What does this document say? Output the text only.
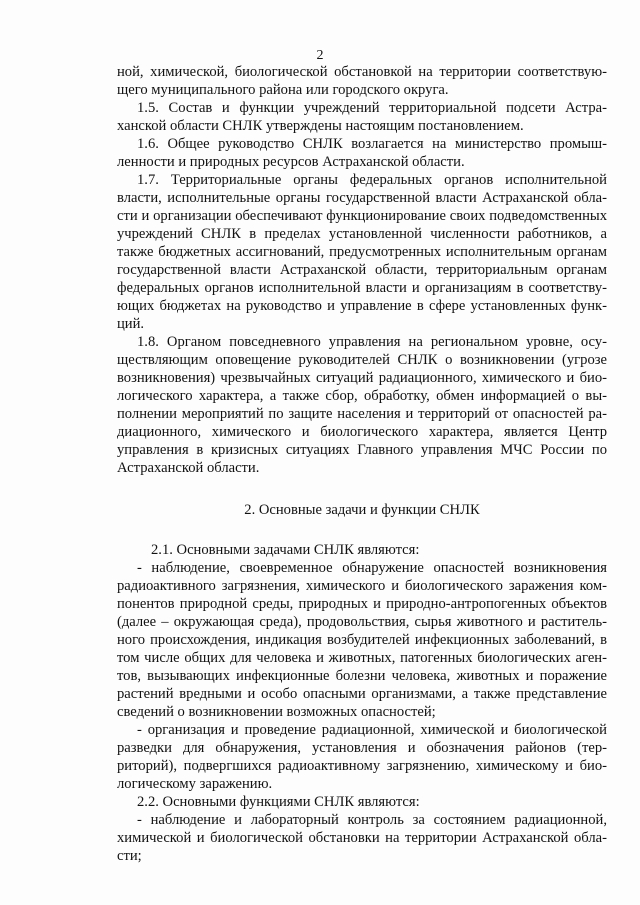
2

ной, химической, биологической обстановкой на территории соответствующего муниципального района или городского округа.

1.5. Состав и функции учреждений территориальной подсети Астраханской области СНЛК утверждены настоящим постановлением.

1.6. Общее руководство СНЛК возлагается на министерство промышленности и природных ресурсов Астраханской области.

1.7. Территориальные органы федеральных органов исполнительной власти, исполнительные органы государственной власти Астраханской области и организации обеспечивают функционирование своих подведомственных учреждений СНЛК в пределах установленной численности работников, а также бюджетных ассигнований, предусмотренных исполнительным органам государственной власти Астраханской области, территориальным органам федеральных органов исполнительной власти и организациям в соответствующих бюджетах на руководство и управление в сфере установленных функций.

1.8. Органом повседневного управления на региональном уровне, осуществляющим оповещение руководителей СНЛК о возникновении (угрозе возникновения) чрезвычайных ситуаций радиационного, химического и биологического характера, а также сбор, обработку, обмен информацией о выполнении мероприятий по защите населения и территорий от опасностей радиационного, химического и биологического характера, является Центр управления в кризисных ситуациях Главного управления МЧС России по Астраханской области.

2. Основные задачи и функции СНЛК

2.1. Основными задачами СНЛК являются:

- наблюдение, своевременное обнаружение опасностей возникновения радиоактивного загрязнения, химического и биологического заражения компонентов природной среды, природных и природно-антропогенных объектов (далее – окружающая среда), продовольствия, сырья животного и растительного происхождения, индикация возбудителей инфекционных заболеваний, в том числе общих для человека и животных, патогенных биологических агентов, вызывающих инфекционные болезни человека, животных и поражение растений вредными и особо опасными организмами, а также представление сведений о возникновении возможных опасностей;

- организация и проведение радиационной, химической и биологической разведки для обнаружения, установления и обозначения районов (территорий), подвергшихся радиоактивному загрязнению, химическому и биологическому заражению.

2.2. Основными функциями СНЛК являются:

- наблюдение и лабораторный контроль за состоянием радиационной, химической и биологической обстановки на территории Астраханской области;
